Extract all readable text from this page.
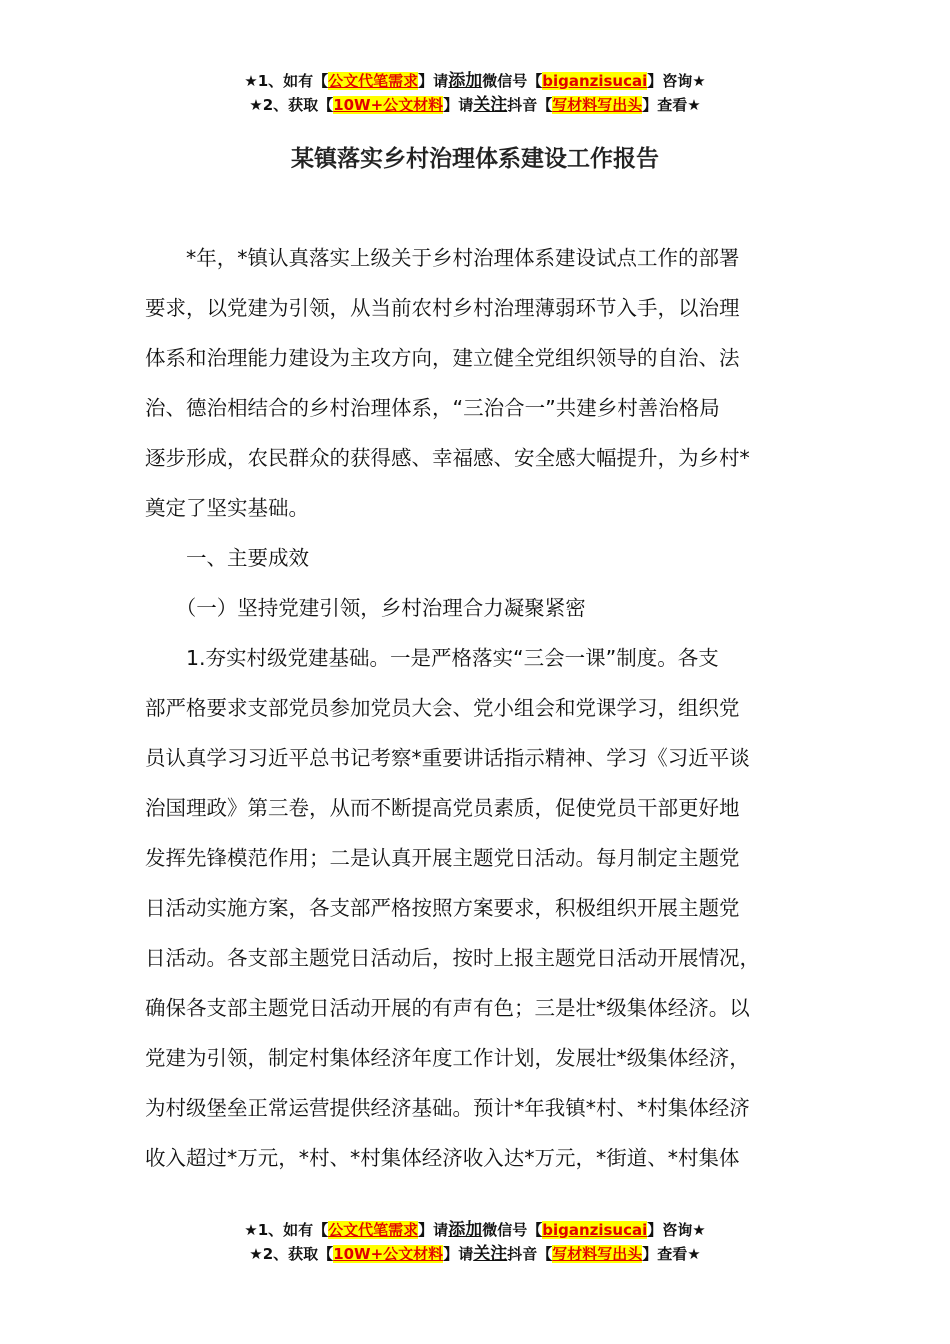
★1、如有【公文代笔需求】请添加微信号【biganzisucai】咨询★
★2、获取【10W+公文材料】请关注抖音【写材料写出头】查看★
某镇落实乡村治理体系建设工作报告
　　*年，*镇认真落实上级关于乡村治理体系建设试点工作的部署
要求，以党建为引领，从当前农村乡村治理薄弱环节入手，以治理
体系和治理能力建设为主攻方向，建立健全党组织领导的自治、法
治、德治相结合的乡村治理体系，“三治合一”共建乡村善治格局
逐步形成，农民群众的获得感、幸福感、安全感大幅提升，为乡村*
奠定了坚实基础。
　　一、主要成效
　　（一）坚持党建引领，乡村治理合力凝聚紧密
　　1.夯实村级党建基础。一是严格落实“三会一课”制度。各支
部严格要求支部党员参加党员大会、党小组会和党课学习，组织党
员认真学习习近平总书记考察*重要讲话指示精神、学习《习近平谈
治国理政》第三卷，从而不断提高党员素质，促使党员干部更好地
发挥先锋模范作用；二是认真开展主题党日活动。每月制定主题党
日活动实施方案，各支部严格按照方案要求，积极组织开展主题党
日活动。各支部主题党日活动后，按时上报主题党日活动开展情况，
确保各支部主题党日活动开展的有声有色；三是壮*级集体经济。以
党建为引领，制定村集体经济年度工作计划，发展壮*级集体经济，
为村级堡垒正常运营提供经济基础。预计*年我镇*村、*村集体经济
收入超过*万元，*村、*村集体经济收入达*万元，*街道、*村集体
★1、如有【公文代笔需求】请添加微信号【biganzisucai】咨询★
★2、获取【10W+公文材料】请关注抖音【写材料写出头】查看★
